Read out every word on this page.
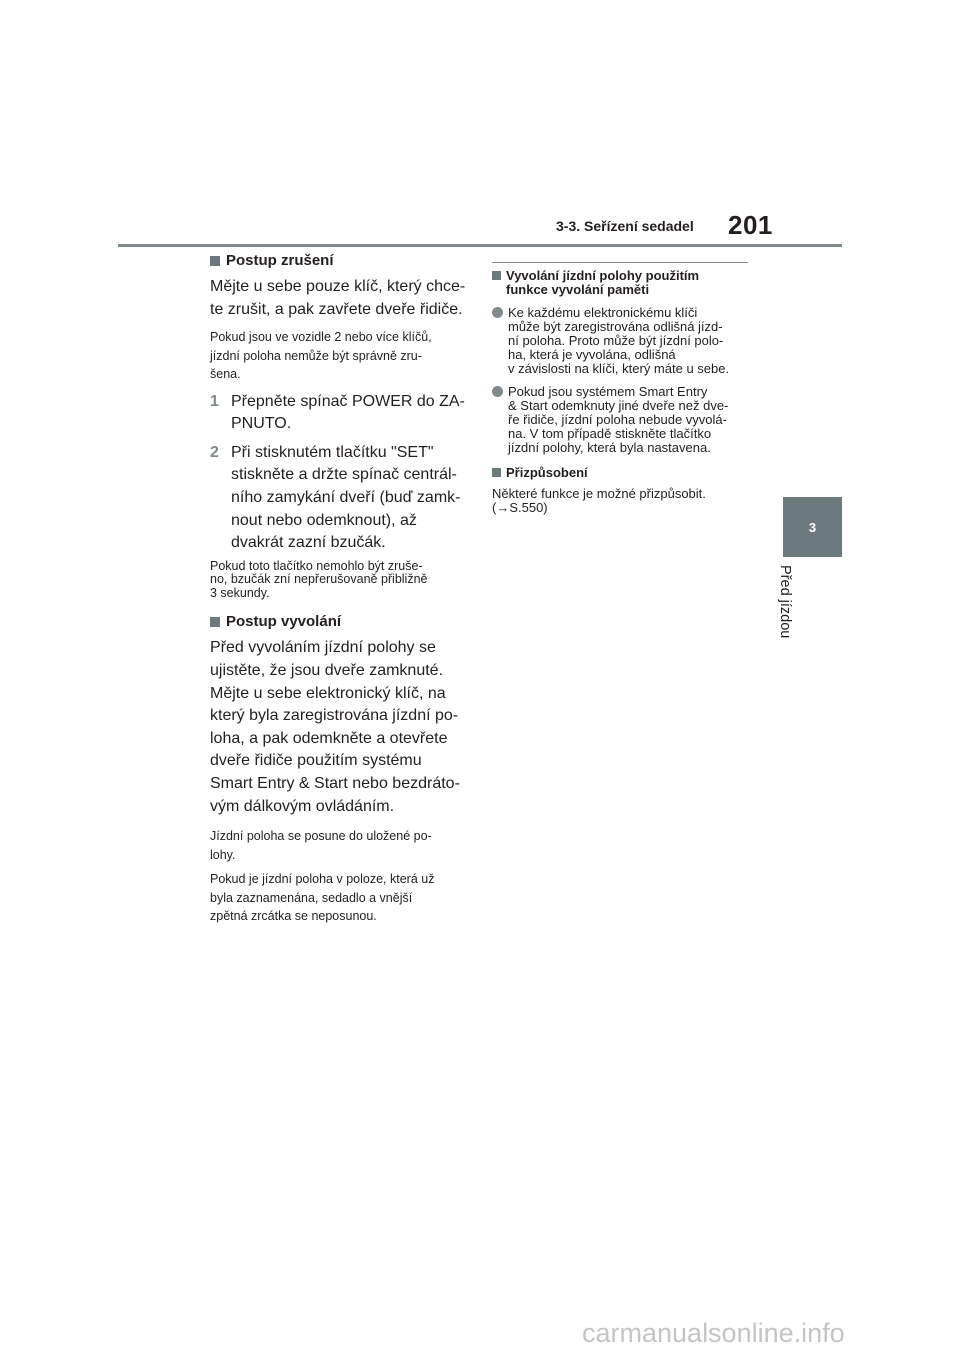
3-3. Seřízení sedadel 201
3
Před jízdou
Postup zrušení
Mějte u sebe pouze klíč, který chce-
te zrušit, a pak zavřete dveře řidiče.
Pokud jsou ve vozidle 2 nebo více klíčů,
jízdní poloha nemůže být správně zru-
šena.
1 Přepněte spínač POWER do ZA-
PNUTO.
2 Při stisknutém tlačítku "SET"
stiskněte a držte spínač centrál-
ního zamykání dveří (buď zamk-
nout nebo odemknout), až
dvakrát zazní bzučák.
Pokud toto tlačítko nemohlo být zruše-
no, bzučák zní nepřerušovaně přibližně
3 sekundy.
Postup vyvolání
Před vyvoláním jízdní polohy se
ujistěte, že jsou dveře zamknuté.
Mějte u sebe elektronický klíč, na
který byla zaregistrována jízdní po-
loha, a pak odemkněte a otevřete
dveře řidiče použitím systému
Smart Entry & Start nebo bezdráto-
vým dálkovým ovládáním.
Jízdní poloha se posune do uložené po-
lohy.
Pokud je jízdní poloha v poloze, která už
byla zaznamenána, sedadlo a vnější
zpětná zrcátka se neposunou.
Vyvolání jízdní polohy použitím
funkce vyvolání paměti
Ke každému elektronickému klíči
může být zaregistrována odlišná jízd-
ní poloha. Proto může být jízdní polo-
ha, která je vyvolána, odlišná
v závislosti na klíči, který máte u sebe.
Pokud jsou systémem Smart Entry
& Start odemknuty jiné dveře než dve-
ře řidiče, jízdní poloha nebude vyvolá-
na. V tom případě stiskněte tlačítko
jízdní polohy, která byla nastavena.
Přizpůsobení
Některé funkce je možné přizpůsobit.
(→S.550)
carmanualsonline.info
